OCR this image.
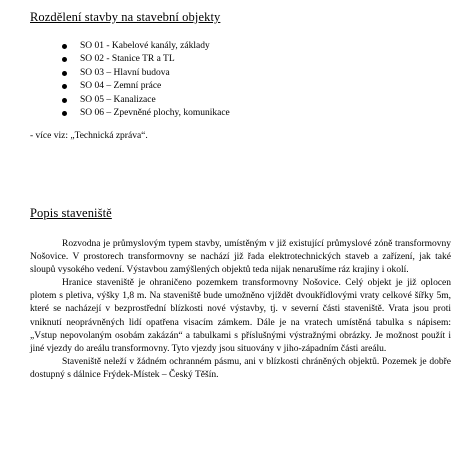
Rozdělení stavby na stavební objekty
SO 01 - Kabelové kanály, základy
SO 02 - Stanice TR a TL
SO 03 – Hlavní budova
SO 04 – Zemní práce
SO 05 – Kanalizace
SO 06 – Zpevněné plochy, komunikace
- více viz: „Technická zpráva“.
Popis staveniště

Rozvodna je průmyslovým typem stavby, umístěným v již existující průmyslové zóně transformovny Nošovice. V prostorech transformovny se nachází již řada elektrotechnických staveb a zařízení, jak také sloupů vysokého vedení. Výstavbou zamýšlených objektů teda nijak nenarušíme ráz krajiny i okolí.

Hranice staveniště je ohraničeno pozemkem transformovny Nošovice. Celý objekt je již oplocen plotem s pletiva, výšky 1,8 m. Na staveniště bude umožněno vjíždět dvoukřídlovými vraty celkové šířky 5m, které se nacházejí v bezprostřední blízkosti nové výstavby, tj. v severní části staveniště. Vrata jsou proti vniknutí neoprávněných lidí opatřena visacím zámkem. Dále je na vratech umístěná tabulka s nápisem: „Vstup nepovolaným osobám zakázán“ a tabulkami s příslušnými výstražnými obrázky. Je možnost použít i jiné vjezdy do areálu transformovny. Tyto vjezdy jsou situovány v jiho-západním části areálu.

Staveniště neleží v žádném ochranném pásmu, ani v blízkosti chráněných objektů. Pozemek je dobře dostupný s dálnice Frýdek-Místek – Český Těšín.
